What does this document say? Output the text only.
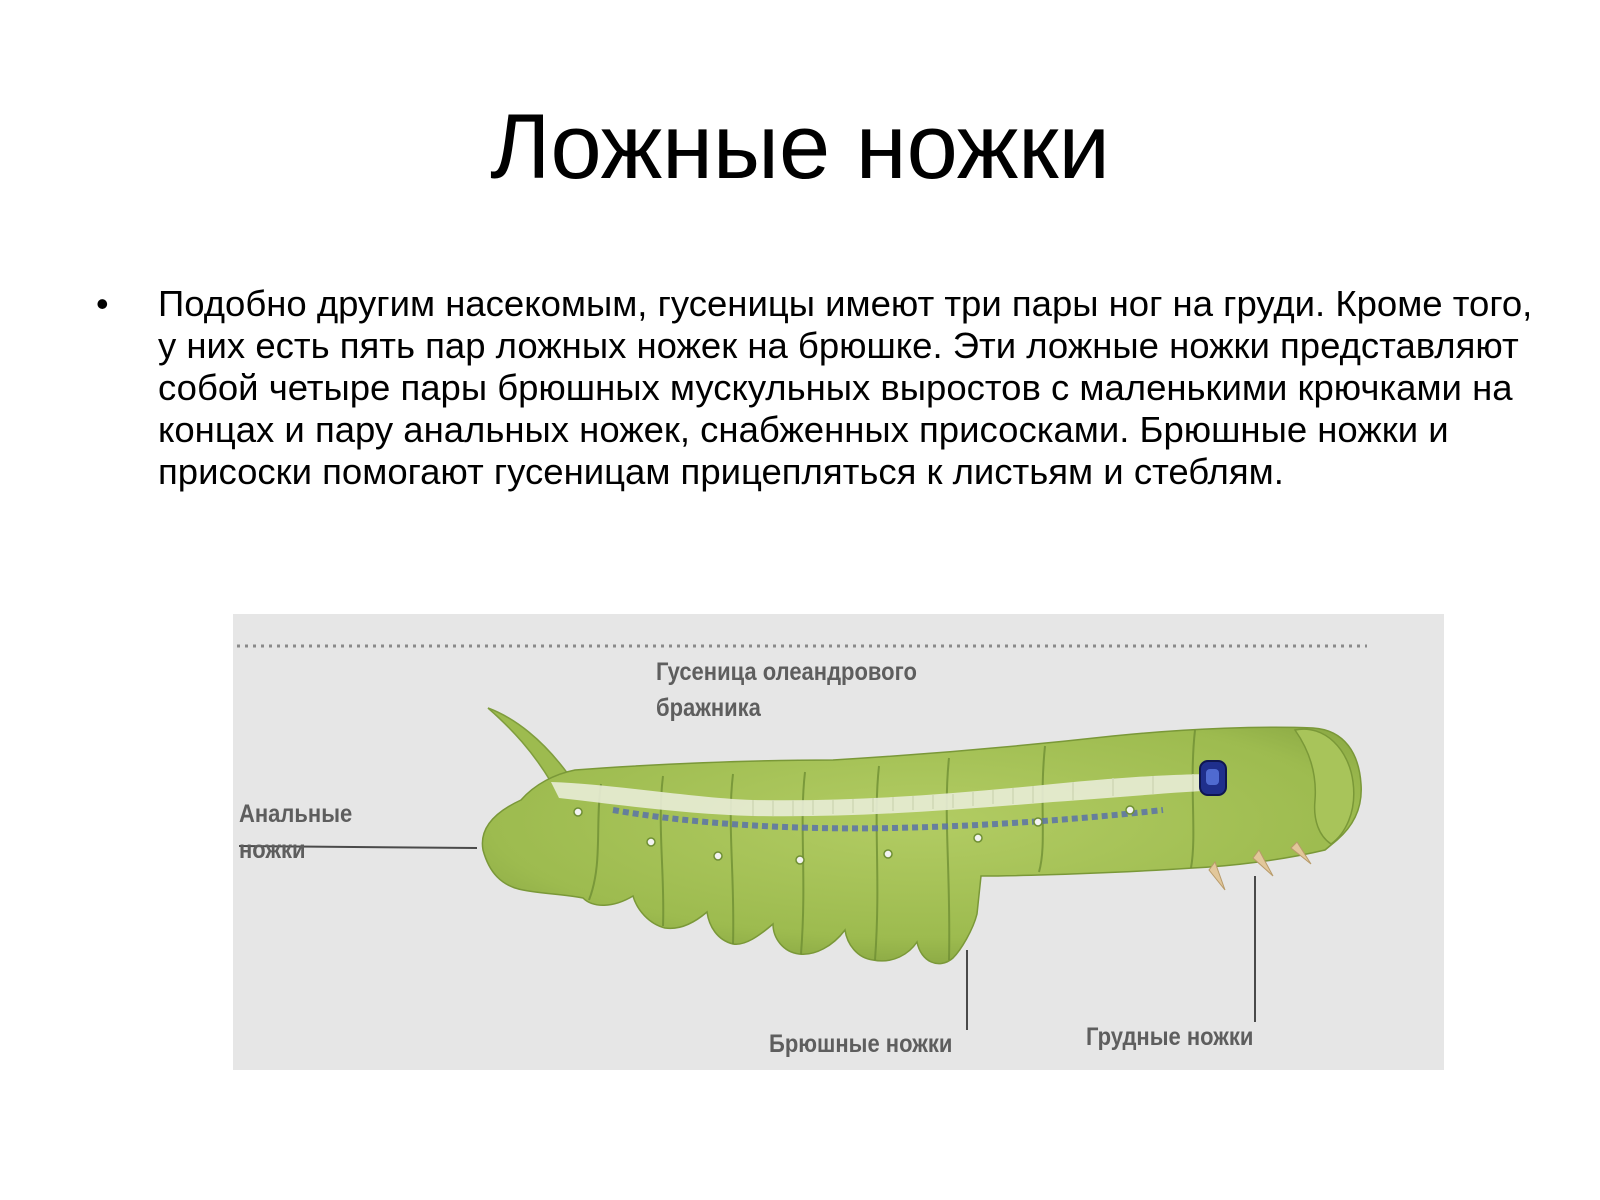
Ложные ножки
• Подобно другим насекомым, гусеницы имеют три пары ног на груди. Кроме того, у них есть пять пар ложных ножек на брюшке. Эти ложные ножки представляют собой четыре пары брюшных мускульных выростов с маленькими крючками на концах и пару анальных ножек, снабженных присосками. Брюшные ножки и присоски помогают гусеницам прицепляться к листьям и стеблям.
Гусеница олеандрового бражника
Анальные ножки
Брюшные ножки	Грудные ножки
